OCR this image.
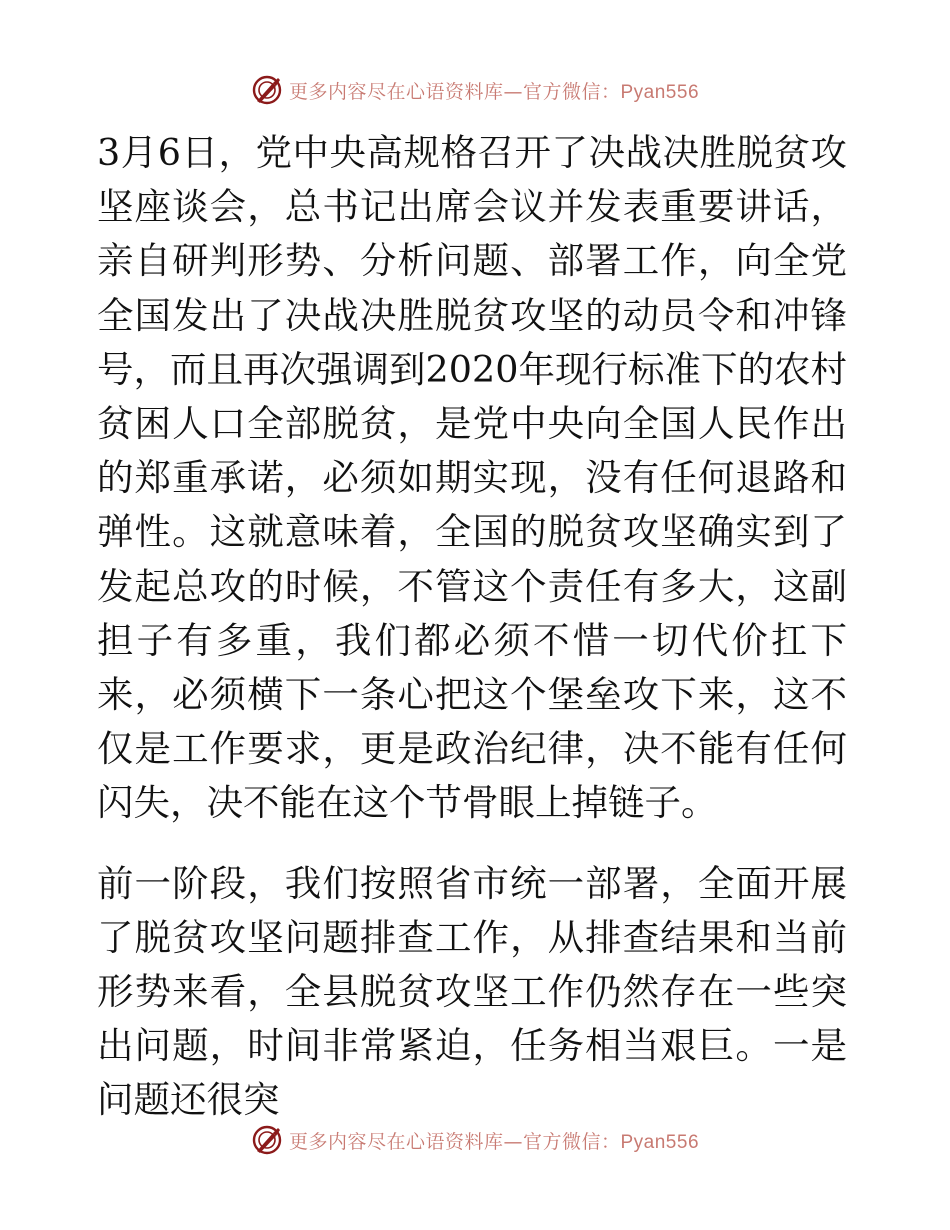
更多内容尽在心语资料库—官方微信：Pyan556

3月6日，党中央高规格召开了决战决胜脱贫攻坚座谈会，总书记出席会议并发表重要讲话，亲自研判形势、分析问题、部署工作，向全党全国发出了决战决胜脱贫攻坚的动员令和冲锋号，而且再次强调到2020年现行标准下的农村贫困人口全部脱贫，是党中央向全国人民作出的郑重承诺，必须如期实现，没有任何退路和弹性。这就意味着，全国的脱贫攻坚确实到了发起总攻的时候，不管这个责任有多大，这副担子有多重，我们都必须不惜一切代价扛下来，必须横下一条心把这个堡垒攻下来，这不仅是工作要求，更是政治纪律，决不能有任何闪失，决不能在这个节骨眼上掉链子。

前一阶段，我们按照省市统一部署，全面开展了脱贫攻坚问题排查工作，从排查结果和当前形势来看，全县脱贫攻坚工作仍然存在一些突出问题，时间非常紧迫，任务相当艰巨。一是问题还很突

更多内容尽在心语资料库—官方微信：Pyan556
